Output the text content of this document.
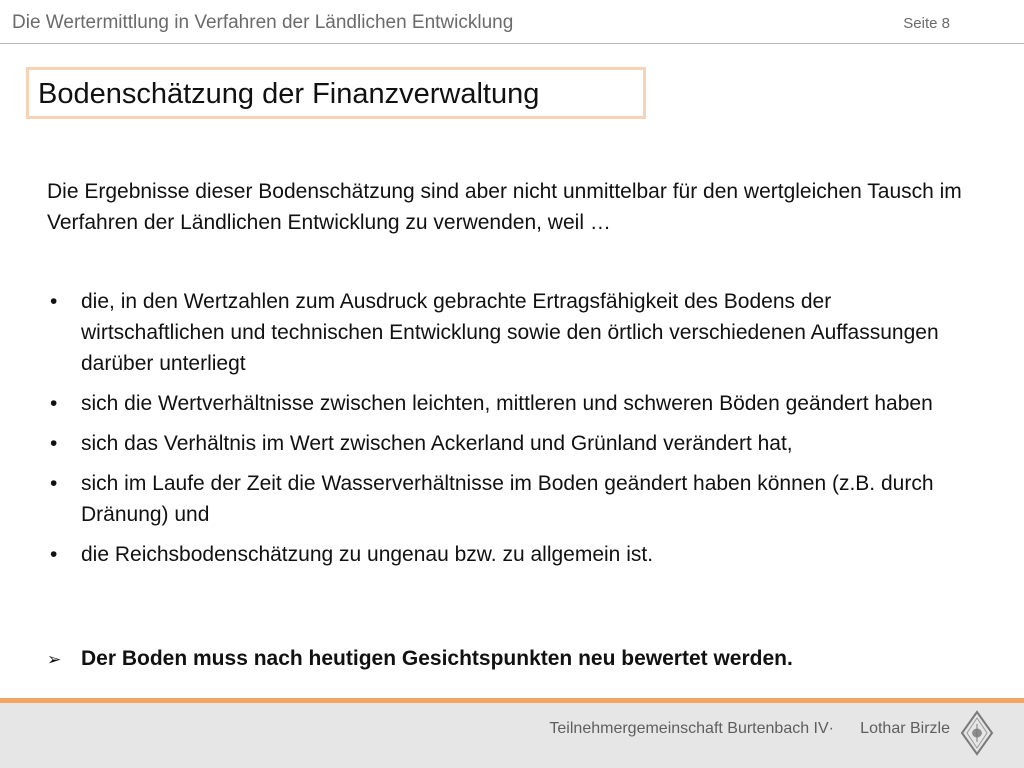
Die Wertermittlung in Verfahren der Ländlichen Entwicklung	Seite 8
Bodenschätzung der Finanzverwaltung
Die Ergebnisse dieser Bodenschätzung sind aber nicht unmittelbar für den wertgleichen Tausch im Verfahren der Ländlichen Entwicklung zu verwenden, weil …
• die, in den Wertzahlen zum Ausdruck gebrachte Ertragsfähigkeit des Bodens der wirtschaftlichen und technischen Entwicklung sowie den örtlich verschiedenen Auffassungen darüber unterliegt
• sich die Wertverhältnisse zwischen leichten, mittleren und schweren Böden geändert haben
• sich das Verhältnis im Wert zwischen Ackerland und Grünland verändert hat,
• sich im Laufe der Zeit die Wasserverhältnisse im Boden geändert haben können (z.B. durch Dränung) und
• die Reichsbodenschätzung zu ungenau bzw. zu allgemein ist.
➢ Der Boden muss nach heutigen Gesichtspunkten neu bewertet werden.
Teilnehmergemeinschaft Burtenbach IV· Lothar Birzle
